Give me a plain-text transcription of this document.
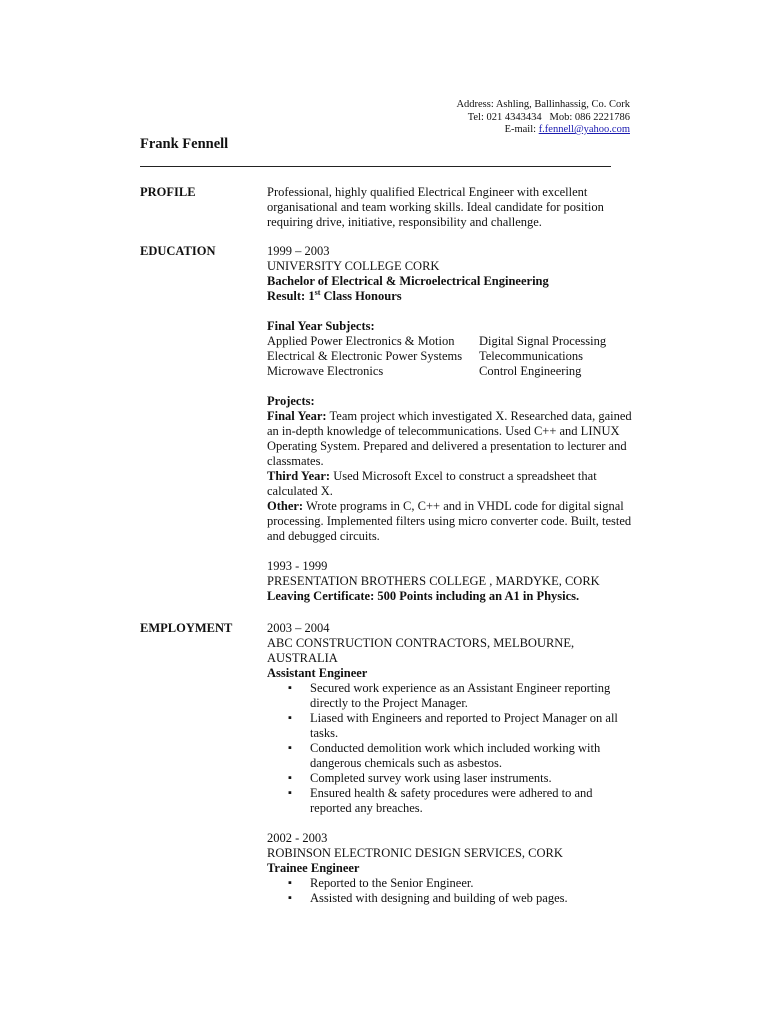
Address: Ashling, Ballinhassig, Co. Cork
Tel: 021 4343434   Mob: 086 2221786
E-mail: f.fennell@yahoo.com
Frank Fennell
PROFILE	Professional, highly qualified Electrical Engineer with excellent organisational and team working skills. Ideal candidate for position requiring drive, initiative, responsibility and challenge.
EDUCATION	1999 – 2003
UNIVERSITY COLLEGE CORK
Bachelor of Electrical & Microelectrical Engineering
Result: 1st Class Honours
Final Year Subjects:
Applied Power Electronics & Motion	Digital Signal Processing
Electrical & Electronic Power Systems	Telecommunications
Microwave Electronics	Control Engineering
Projects:
Final Year: Team project which investigated X. Researched data, gained an in-depth knowledge of telecommunications. Used C++ and LINUX Operating System. Prepared and delivered a presentation to lecturer and classmates.
Third Year: Used Microsoft Excel to construct a spreadsheet that calculated X.
Other: Wrote programs in C, C++ and in VHDL code for digital signal processing. Implemented filters using micro converter code. Built, tested and debugged circuits.
1993 - 1999
PRESENTATION BROTHERS COLLEGE , MARDYKE, CORK
Leaving Certificate: 500 Points including an A1 in Physics.
EMPLOYMENT	2003 – 2004
ABC CONSTRUCTION CONTRACTORS, MELBOURNE, AUSTRALIA
Assistant Engineer
▪ Secured work experience as an Assistant Engineer reporting directly to the Project Manager.
▪ Liased with Engineers and reported to Project Manager on all tasks.
▪ Conducted demolition work which included working with dangerous chemicals such as asbestos.
▪ Completed survey work using laser instruments.
▪ Ensured health & safety procedures were adhered to and reported any breaches.
2002 - 2003
ROBINSON ELECTRONIC DESIGN SERVICES, CORK
Trainee Engineer
▪ Reported to the Senior Engineer.
▪ Assisted with designing and building of web pages.
